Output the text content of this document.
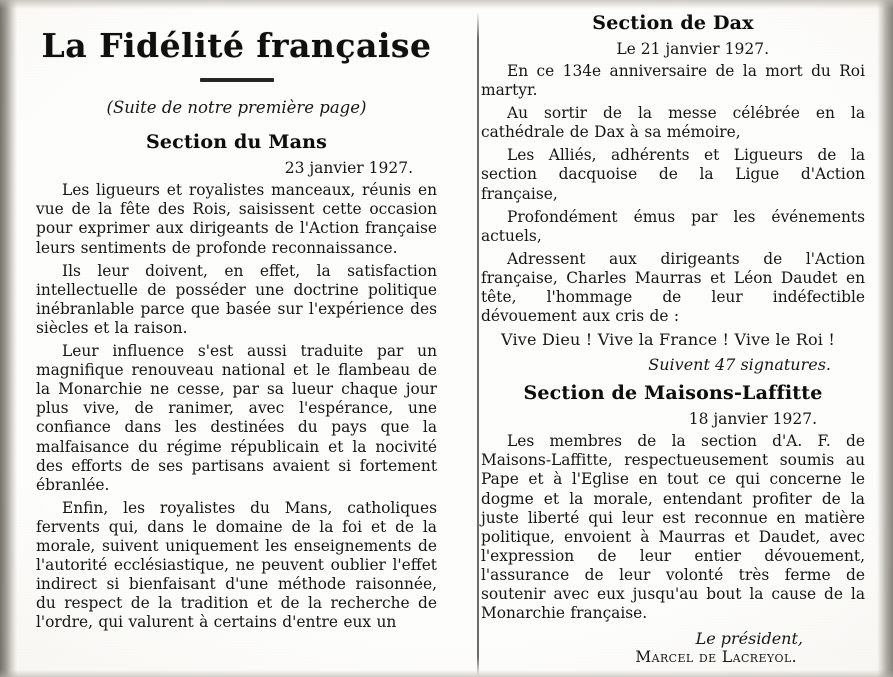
La Fidélité française
(Suite de notre première page)
Section du Mans
23 janvier 1927.

Les ligueurs et royalistes manceaux, réunis en vue de la fête des Rois, saisissent cette occasion pour exprimer aux dirigeants de l'Action française leurs sentiments de profonde reconnaissance.

Ils leur doivent, en effet, la satisfaction intellectuelle de posséder une doctrine politique inébranlable parce que basée sur l'expérience des siècles et la raison.

Leur influence s'est aussi traduite par un magnifique renouveau national et le flambeau de la Monarchie ne cesse, par sa lueur chaque jour plus vive, de ranimer, avec l'espérance, une confiance dans les destinées du pays que la malfaisance du régime républicain et la nocivité des efforts de ses partisans avaient si fortement ébranlée.

Enfin, les royalistes du Mans, catholiques fervents qui, dans le domaine de la foi et de la morale, suivent uniquement les enseignements de l'autorité ecclésiastique, ne peuvent oublier l'effet indirect si bienfaisant d'une méthode raisonnée, du respect de la tradition et de la recherche de l'ordre, qui valurent à certains d'entre eux un

Section de Dax
Le 21 janvier 1927.

En ce 134e anniversaire de la mort du Roi martyr.

Au sortir de la messe célébrée en la cathédrale de Dax à sa mémoire,

Les Alliés, adhérents et Ligueurs de la section dacquoise de la Ligue d'Action française,

Profondément émus par les événements actuels,

Adressent aux dirigeants de l'Action française, Charles Maurras et Léon Daudet en tête, l'hommage de leur indéfectible dévouement aux cris de :

Vive Dieu ! Vive la France ! Vive le Roi !
Suivent 47 signatures.
Section de Maisons-Laffitte
18 janvier 1927.

Les membres de la section d'A. F. de Maisons-Laffitte, respectueusement soumis au Pape et à l'Eglise en tout ce qui concerne le dogme et la morale, entendant profiter de la juste liberté qui leur est reconnue en matière politique, envoient à Maurras et Daudet, avec l'expression de leur entier dévouement, l'assurance de leur volonté très ferme de soutenir avec eux jusqu'au bout la cause de la Monarchie française.

Le président,
Marcel de Lacreyol.
